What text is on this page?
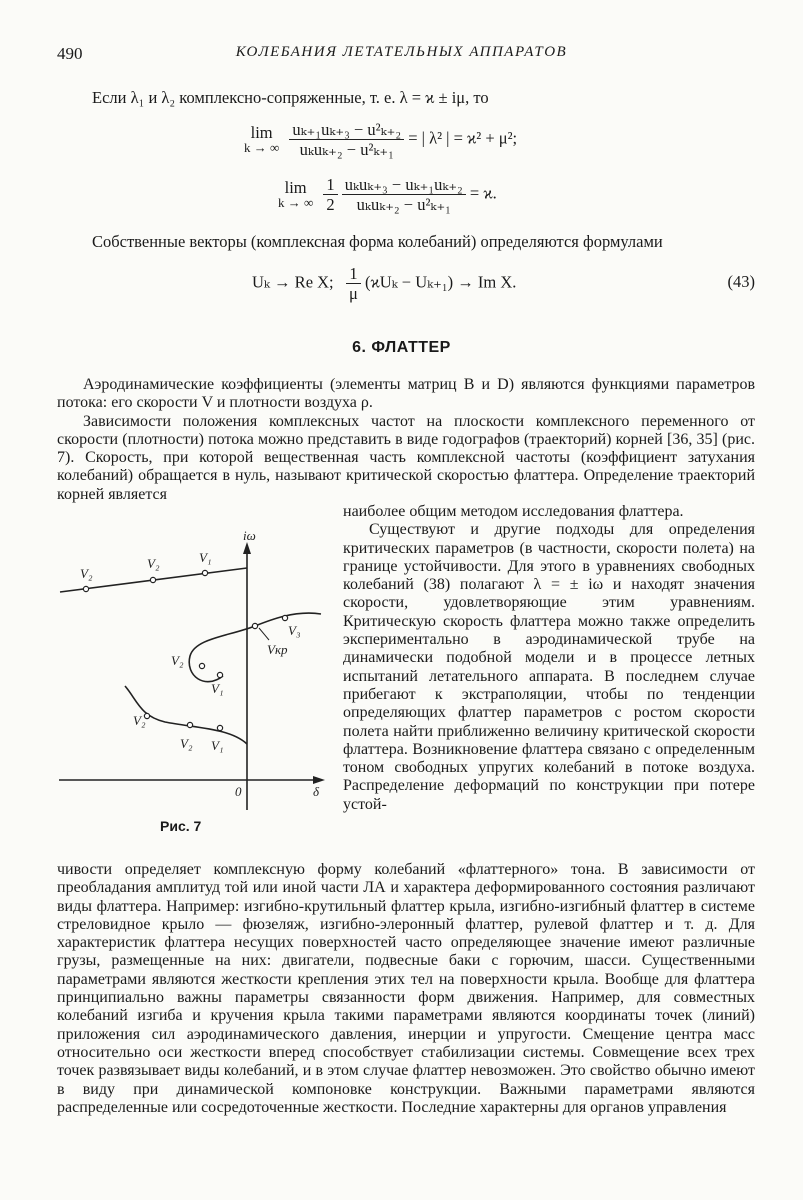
490	КОЛЕБАНИЯ ЛЕТАТЕЛЬНЫХ АППАРАТОВ
Если λ₁ и λ₂ комплексно-сопряженные, т. е. λ = ϰ ± iμ, то
lim
k → ∞
$\frac{\text{uₖ₊₁uₖ₊₃ − u²ₖ₊₂}}{\text{uₖuₖ₊₂ − u²ₖ₊₁}}$ = | λ² | = ϰ² + μ²;
lim
k → ∞
$\frac{1}{2}$
$\frac{\text{uₖuₖ₊₃ − uₖ₊₁uₖ₊₂}}{\text{uₖuₖ₊₂ − u²ₖ₊₁}} = ϰ$.
Собственные векторы (комплексная форма колебаний) определяются формулами
Uₖ → Re X; $\frac{1}{\mu} (ϰU_k - U_{k+1}) \to Im$ X.	(43)
6. ФЛАТТЕР

Аэродинамические коэффициенты (элементы матриц B и D) являются функциями параметров потока: его скорости V и плотности воздуха ρ.

Зависимости положения комплексных частот на плоскости комплексного переменного от скорости (плотности) потока можно представить в виде годографов (траекторий) корней [36, 35] (рис. 7). Скорость, при которой вещественная часть комплексной частоты (коэффициент затухания колебаний) обращается в нуль, называют критической скоростью флаттера. Определение траекторий корней является

наиболее общим методом исследования флаттера.

Существуют и другие подходы для определения критических параметров (в частности, скорости полета) на границе устойчивости. Для этого в уравнениях свободных колебаний (38) полагают λ = ± iω и находят значения скорости, удовлетворяющие этим уравнениям. Критическую скорость флаттера можно также определить экспериментально в аэродинамической трубе на динамически подобной модели и в процессе летных испытаний летательного аппарата. В последнем случае прибегают к экстраполяции, чтобы по тенденции определяющих флаттер параметров с ростом скорости полета найти приближенно величину критической скорости флаттера. Возникновение флаттера связано с определенным тоном свободных упругих колебаний в потоке воздуха. Распределение деформаций по конструкции при потере устой-

iω
δ
0
V₂
V₂	V₁
V₃
Vкр
V₂
V₁
V₂
V₂ V₁
Рис. 7

чивости определяет комплексную форму колебаний «флаттерного» тона. В зависимости от преобладания амплитуд той или иной части ЛА и характера деформированного состояния различают виды флаттера. Например: изгибно-крутильный флаттер крыла, изгибно-изгибный флаттер в системе стреловидное крыло — фюзеляж, изгибно-элеронный флаттер, рулевой флаттер и т. д. Для характеристик флаттера несущих поверхностей часто определяющее значение имеют различные грузы, размещенные на них: двигатели, подвесные баки с горючим, шасси. Существенными параметрами являются жесткости крепления этих тел на поверхности крыла. Вообще для флаттера принципиально важны параметры связанности форм движения. Например, для совместных колебаний изгиба и кручения крыла такими параметрами являются координаты точек (линий) приложения сил аэродинамического давления, инерции и упругости. Смещение центра масс относительно оси жесткости вперед способствует стабилизации системы. Совмещение всех трех точек развязывает виды колебаний, и в этом случае флаттер невозможен. Это свойство обычно имеют в виду при динамической компоновке конструкции. Важными параметрами являются распределенные или сосредоточенные жесткости. Последние характерны для органов управления
